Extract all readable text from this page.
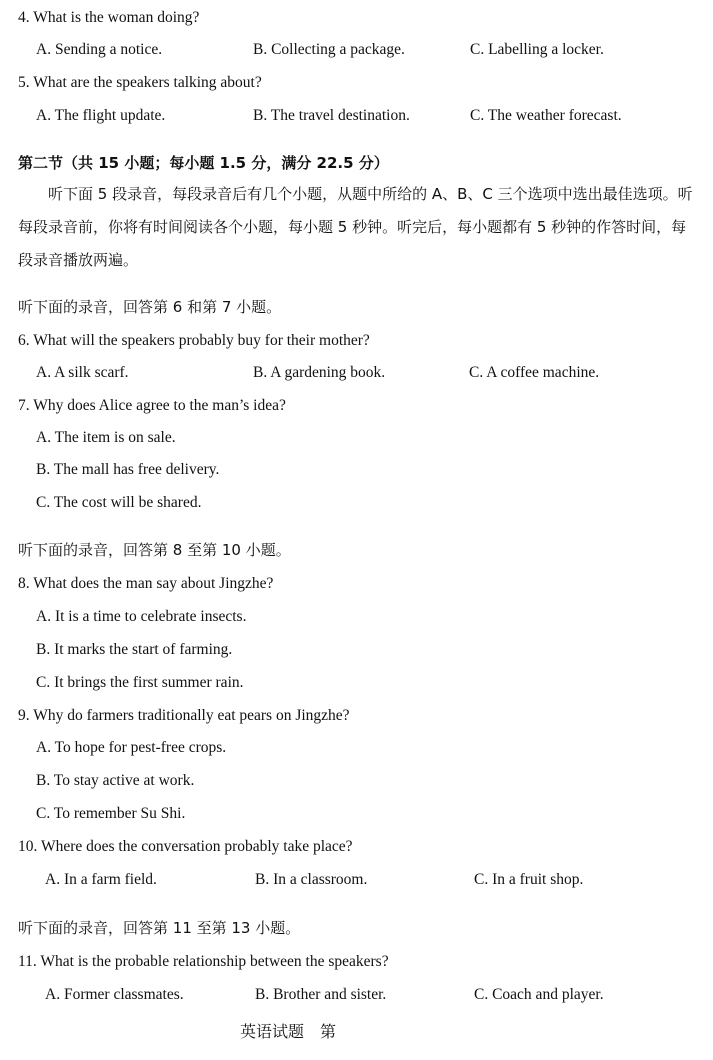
4. What is the woman doing?
A. Sending a notice.	B. Collecting a package.	C. Labelling a locker.
5. What are the speakers talking about?
A. The flight update.	B. The travel destination.	C. The weather forecast.
第二节（共 15 小题；每小题 1.5 分，满分 22.5 分）
听下面 5 段录音，每段录音后有几个小题，从题中所给的 A、B、C 三个选项中选出最佳选项。听每段录音前，你将有时间阅读各个小题，每小题 5 秒钟。听完后，每小题都有 5 秒钟的作答时间，每段录音播放两遍。
听下面的录音，回答第 6 和第 7 小题。
6. What will the speakers probably buy for their mother?
A. A silk scarf.	B. A gardening book.	C. A coffee machine.
7. Why does Alice agree to the man’s idea?
A. The item is on sale.
B. The mall has free delivery.
C. The cost will be shared.
听下面的录音，回答第 8 至第 10 小题。
8. What does the man say about Jingzhe?
A. It is a time to celebrate insects.
B. It marks the start of farming.
C. It brings the first summer rain.
9. Why do farmers traditionally eat pears on Jingzhe?
A. To hope for pest-free crops.
B. To stay active at work.
C. To remember Su Shi.
10. Where does the conversation probably take place?
A. In a farm field.	B. In a classroom.	C. In a fruit shop.
听下面的录音，回答第 11 至第 13 小题。
11. What is the probable relationship between the speakers?
A. Former classmates.	B. Brother and sister.	C. Coach and player.
英语试题　第
